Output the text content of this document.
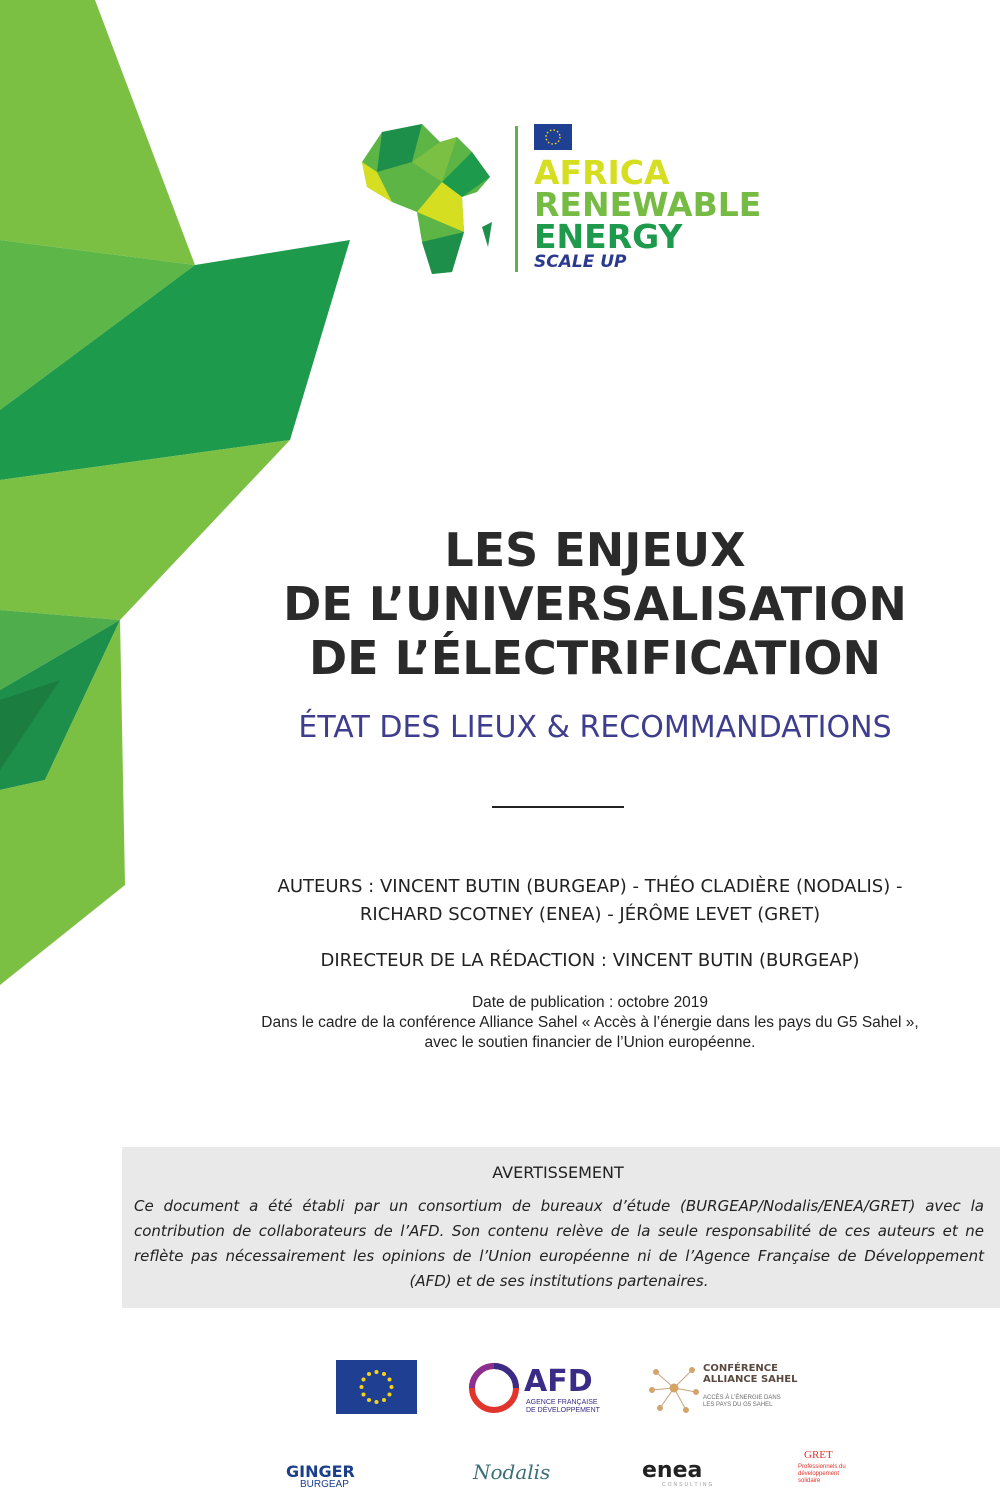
AFRICA
RENEWABLE
ENERGY
SCALE UP
LES ENJEUX
DE L’UNIVERSALISATION
DE L’ÉLECTRIFICATION
ÉTAT DES LIEUX & RECOMMANDATIONS
AUTEURS : VINCENT BUTIN (BURGEAP) - THÉO CLADIÈRE (NODALIS) -
RICHARD SCOTNEY (ENEA) - JÉRÔME LEVET (GRET)
DIRECTEUR DE LA RÉDACTION : VINCENT BUTIN (BURGEAP)
Date de publication : octobre 2019
Dans le cadre de la conférence Alliance Sahel « Accès à l’énergie dans les pays du G5 Sahel »,
avec le soutien financier de l’Union européenne.
AVERTISSEMENT
Ce document a été établi par un consortium de bureaux d’étude (BURGEAP/Nodalis/ENEA/GRET) avec la contribution de collaborateurs de l’AFD. Son contenu relève de la seule responsabilité de ces auteurs et ne reflète pas nécessairement les opinions de l’Union européenne ni de l’Agence Française de Développement (AFD) et de ses institutions partenaires.
AFD
AGENCE FRANÇAISE DE DÉVELOPPEMENT
CONFÉRENCE
ALLIANCE SAHEL
ACCÈS À L’ÉNERGIE DANS LES PAYS DU G5 SAHEL
GINGER
BURGEAP
Nodalis	enea
CONSULTING
GRET
Professionnels du développement solidaire
